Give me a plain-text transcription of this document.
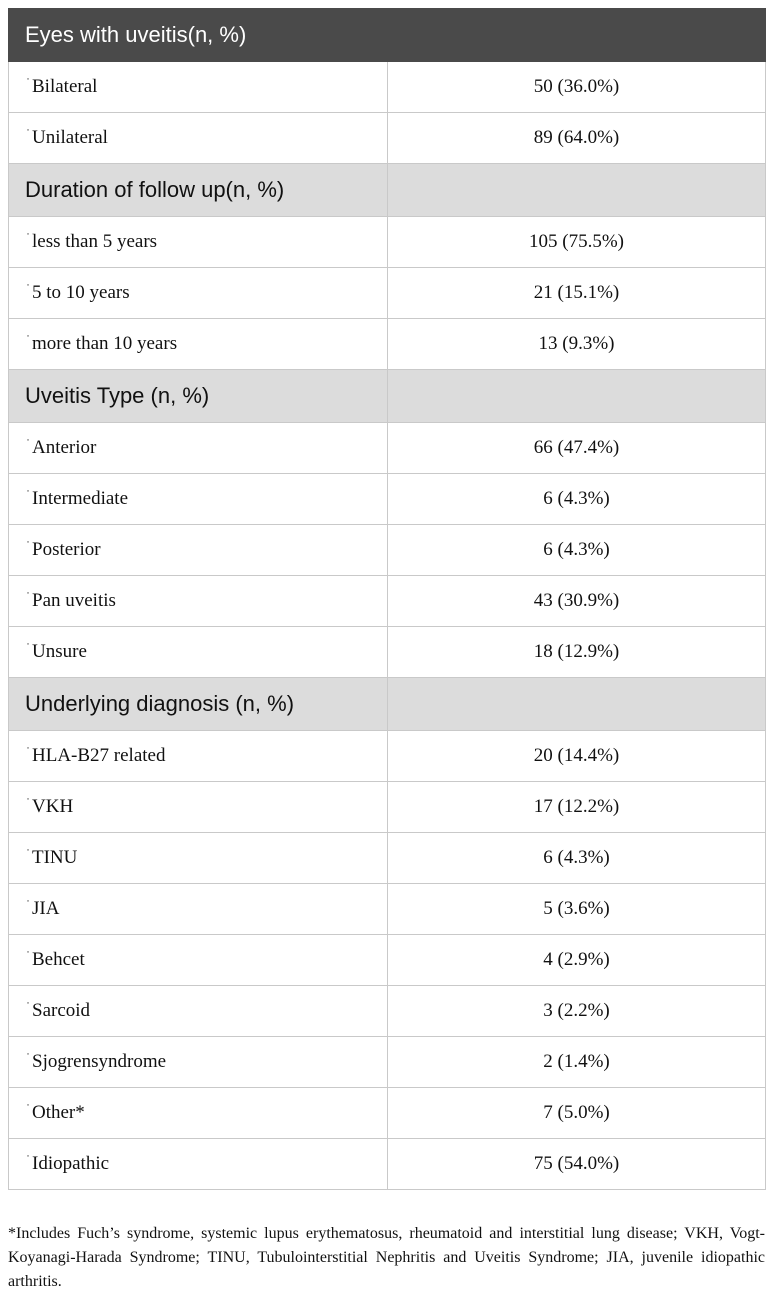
Eyes with uveitis(n, %)	
˙ Bilateral	50 (36.0%)
˙ Unilateral	89 (64.0%)
Duration of follow up(n, %)	
˙ less than 5 years	105 (75.5%)
˙ 5 to 10 years	21 (15.1%)
˙ more than 10 years	13 (9.3%)
Uveitis Type (n, %)	
˙ Anterior	66 (47.4%)
˙ Intermediate	6 (4.3%)
˙ Posterior	6 (4.3%)
˙ Pan uveitis	43 (30.9%)
˙ Unsure	18 (12.9%)
Underlying diagnosis (n, %)	
˙ HLA-B27 related	20 (14.4%)
˙ VKH	17 (12.2%)
˙ TINU	6 (4.3%)
˙ JIA	5 (3.6%)
˙ Behcet	4 (2.9%)
˙ Sarcoid	3 (2.2%)
˙ Sjogrensyndrome	2 (1.4%)
˙ Other*	7 (5.0%)
˙ Idiopathic	75 (54.0%)

*Includes Fuch’s syndrome, systemic lupus erythematosus, rheumatoid and interstitial lung disease; VKH, Vogt-Koyanagi-Harada Syndrome; TINU, Tubulointerstitial Nephritis and Uveitis Syndrome; JIA, juvenile idiopathic arthritis.
